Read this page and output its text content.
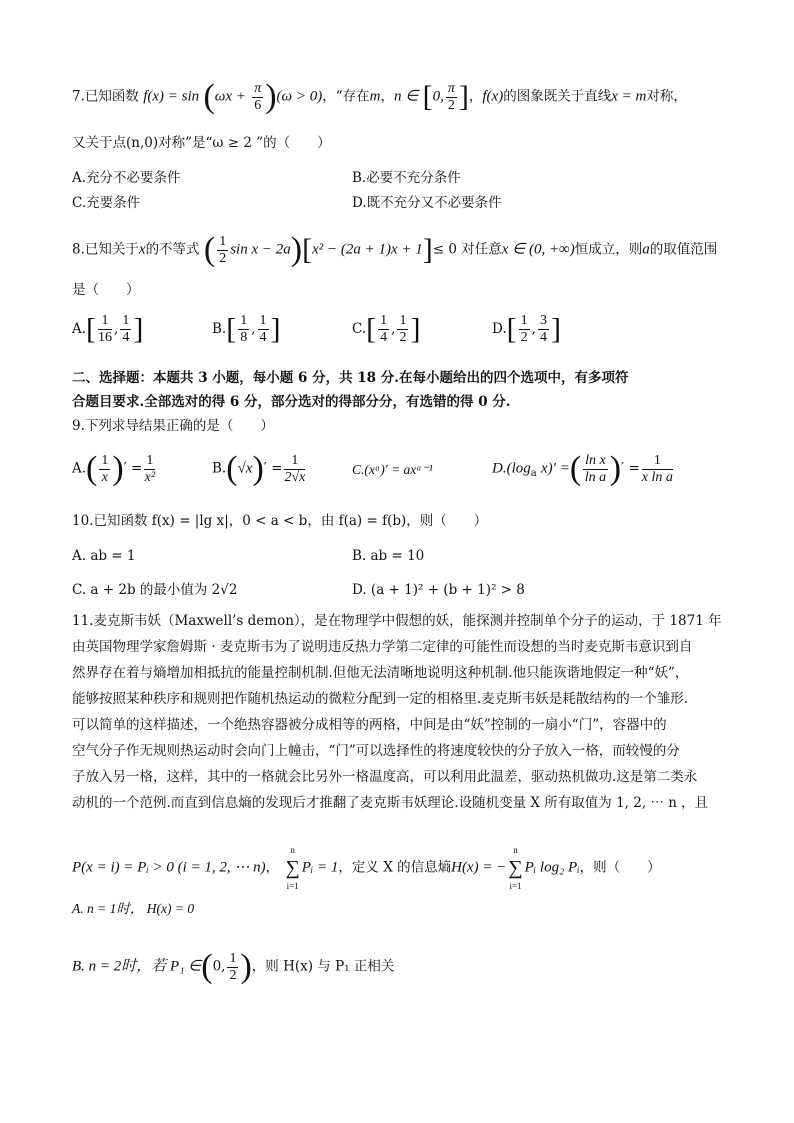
7.已知函数 $f(x) = \sin (\omega x + \frac{\pi}{6} )(\omega > 0)$，“存在m，n ∈ [0, $\frac{\pi}{2}$ ]，f(x)的图象既关于直线x = m对称，
又关于点(n,0)对称”是“ω ≥ 2 ”的（　　）
A.充分不必要条件	B.必要不充分条件
C.充要条件	D.既不充分又不必要条件
8.已知关于x的不等式 ( $\frac{1}{2}$ sin x − 2a)[x² − (2a + 1)x + 1]≤ 0 对任意x ∈ (0, +∞)恒成立，则a的取值范围
是（　　）
$A.[ \frac{1}{16}$ , $\frac{1}{4}$ ]	$B.[ \frac{1}{8}$ , $\frac{1}{4}$ ]	$C.[ \frac{1}{4}$ , $\frac{1}{2}$ ]	$D.[ \frac{1}{2}$ , $\frac{3}{4}$ ]
二、选择题：本题共 3 小题，每小题 6 分，共 18 分.在每小题给出的四个选项中，有多项符
合题目要求.全部选对的得 6 分，部分选对的得部分分，有选错的得 0 分.
9.下列求导结果正确的是（　　）
$A.( \frac{1}{x}$ )′ = $\frac{1}{\text{x²}}$	$B.(√x)' = \frac{1}{2√x}$	C.(xᵃ)′ = axᵃ⁻¹	$D.(\log_a$ x)′ =( $\frac{\text{ln x}}{\text{ln a}}$ )′ = $\frac{1}{\text{x ln a}}$
10.已知函数 f(x) = |lg x|，0 < a < b，由 f(a) = f(b)，则（　　）
A. ab = 1	B. ab = 10
C. a + 2b 的最小值为 2√2	D. (a + 1)² + (b + 1)² > 8
11.麦克斯韦妖（Maxwell’s demon），是在物理学中假想的妖，能探测并控制单个分子的运动，于 1871 年
由英国物理学家詹姆斯 · 麦克斯韦为了说明违反热力学第二定律的可能性而设想的当时麦克斯韦意识到自
然界存在着与熵增加相抵抗的能量控制机制.但他无法清晰地说明这种机制.他只能诙谐地假定一种“妖”，
能够按照某种秩序和规则把作随机热运动的微粒分配到一定的相格里.麦克斯韦妖是耗散结构的一个雏形.
可以简单的这样描述，一个绝热容器被分成相等的两格，中间是由“妖”控制的一扇小“门”，容器中的
空气分子作无规则热运动时会向门上幢击，“门”可以选择性的将速度较快的分子放入一格，而较慢的分
子放入另一格，这样，其中的一格就会比另外一格温度高，可以利用此温差，驱动热机做功.这是第二类永
动机的一个范例.而直到信息熵的发现后才推翻了麦克斯韦妖理论.设随机变量 X 所有取值为 1, 2, ⋯ n ，且
P(x = i) = Pᵢ > 0 (i = 1, 2, ⋯ n)，
n
∑
i=1
Pᵢ = 1，定义 X 的信息熵H(x) = −
n
∑
i=1
Pᵢ log₂ Pᵢ，则（　　）
A. n = 1时， H(x) = 0
B. n = 2时，若 P₁ ∈(0, $\frac{1}{2}$ )，则 H(x) 与 P₁ 正相关
